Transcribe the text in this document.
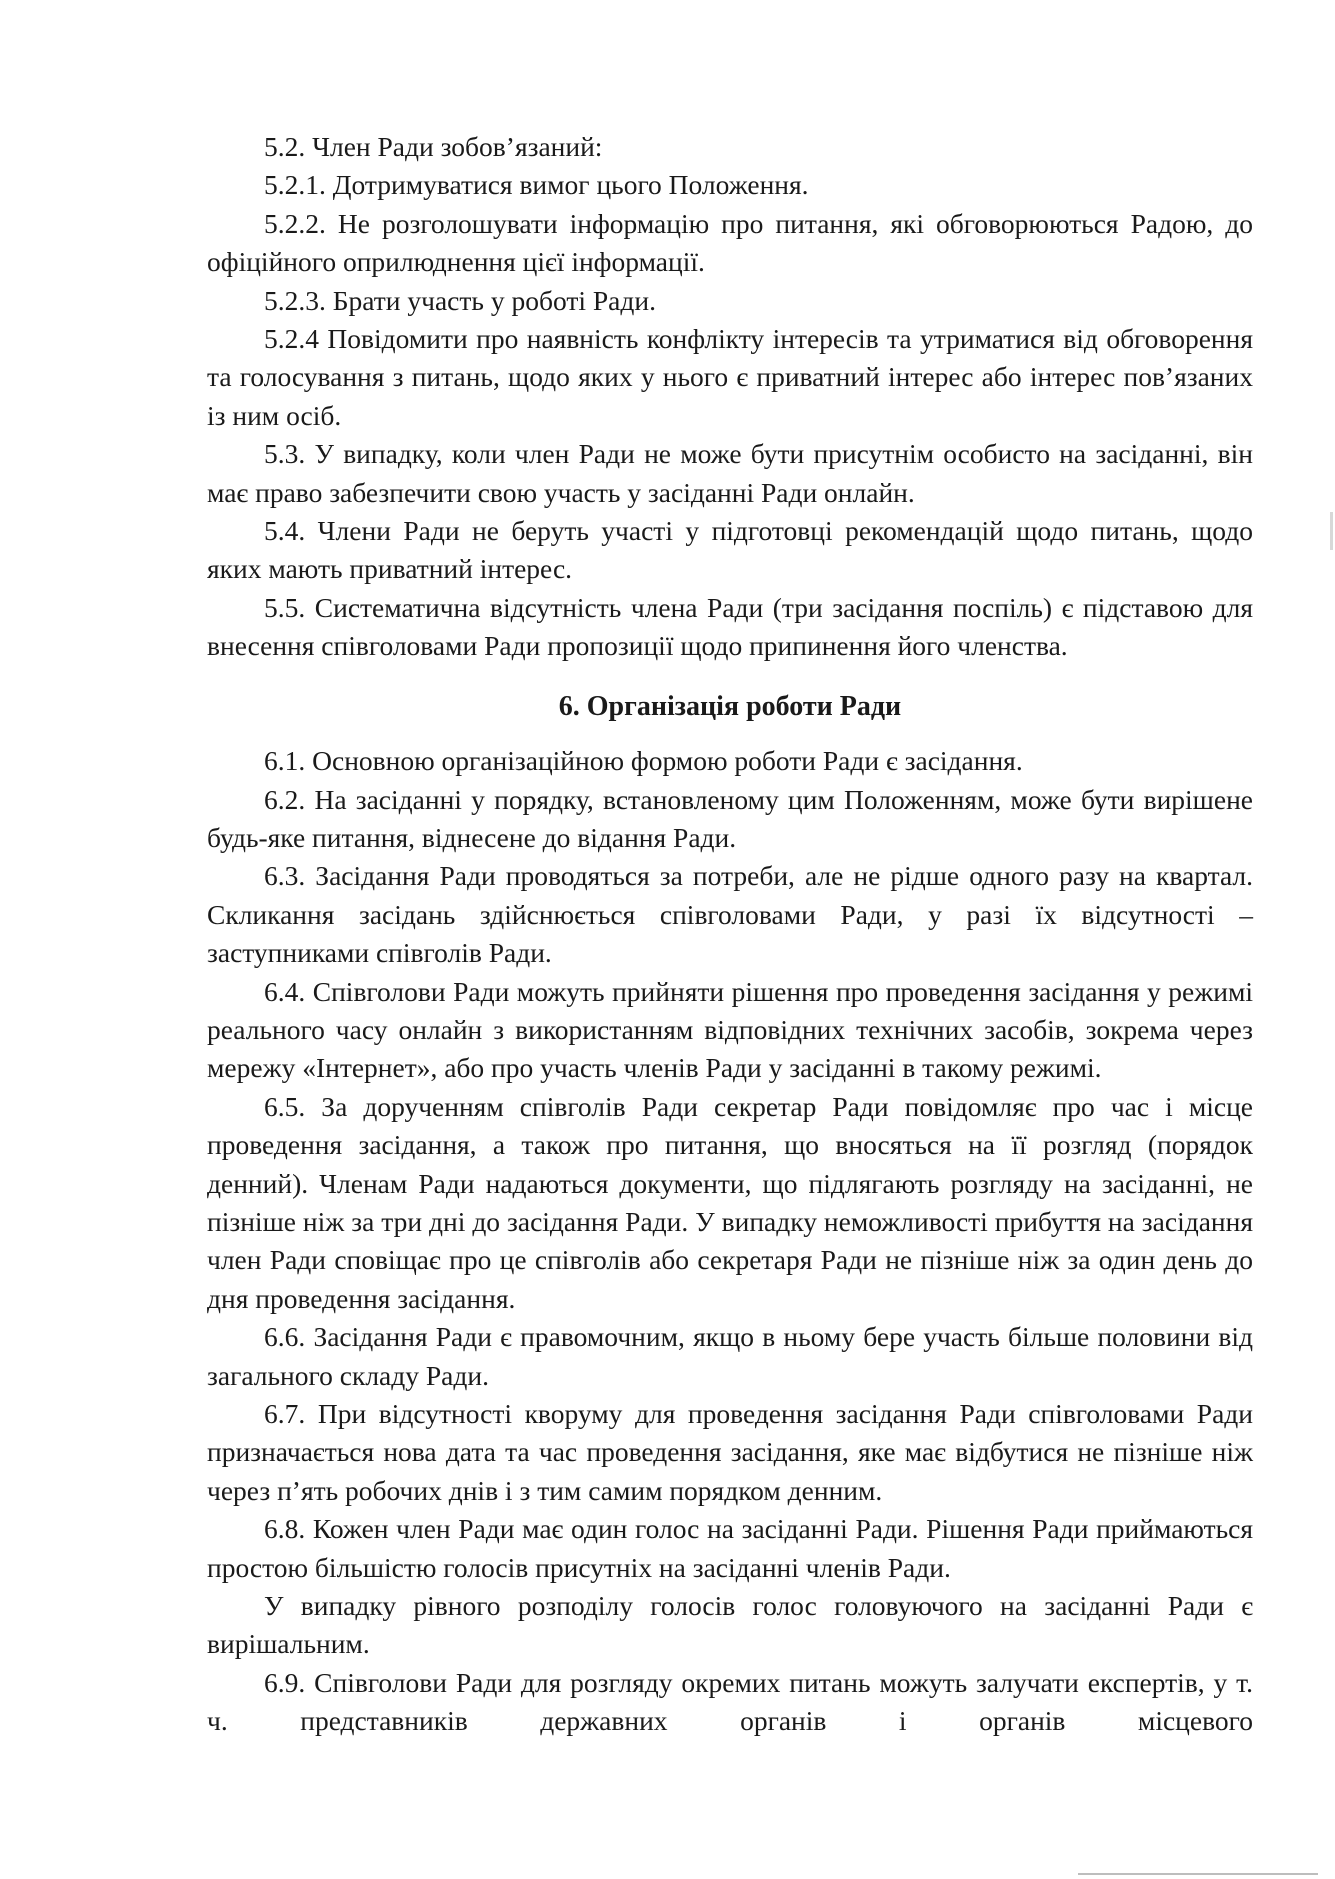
5.2. Член Ради зобов’язаний:

5.2.1. Дотримуватися вимог цього Положення.

5.2.2. Не розголошувати інформацію про питання, які обговорюються Радою, до офіційного оприлюднення цієї інформації.

5.2.3. Брати участь у роботі Ради.

5.2.4 Повідомити про наявність конфлікту інтересів та утриматися від обговорення та голосування з питань, щодо яких у нього є приватний інтерес або інтерес пов’язаних із ним осіб.

5.3. У випадку, коли член Ради не може бути присутнім особисто на засіданні, він має право забезпечити свою участь у засіданні Ради онлайн.

5.4. Члени Ради не беруть участі у підготовці рекомендацій щодо питань, щодо яких мають приватний інтерес.

5.5. Систематична відсутність члена Ради (три засідання поспіль) є підставою для внесення співголовами Ради пропозиції щодо припинення його членства.

6. Організація роботи Ради

6.1. Основною організаційною формою роботи Ради є засідання.

6.2. На засіданні у порядку, встановленому цим Положенням, може бути вирішене будь-яке питання, віднесене до відання Ради.

6.3. Засідання Ради проводяться за потреби, але не рідше одного разу на квартал. Скликання засідань здійснюється співголовами Ради, у разі їх відсутності – заступниками співголів Ради.

6.4. Співголови Ради можуть прийняти рішення про проведення засідання у режимі реального часу онлайн з використанням відповідних технічних засобів, зокрема через мережу «Інтернет», або про участь членів Ради у засіданні в такому режимі.

6.5. За дорученням співголів Ради секретар Ради повідомляє про час і місце проведення засідання, а також про питання, що вносяться на її розгляд (порядок денний). Членам Ради надаються документи, що підлягають розгляду на засіданні, не пізніше ніж за три дні до засідання Ради. У випадку неможливості прибуття на засідання член Ради сповіщає про це співголів або секретаря Ради не пізніше ніж за один день до дня проведення засідання.

6.6. Засідання Ради є правомочним, якщо в ньому бере участь більше половини від загального складу Ради.

6.7. При відсутності кворуму для проведення засідання Ради співголовами Ради призначається нова дата та час проведення засідання, яке має відбутися не пізніше ніж через п’ять робочих днів і з тим самим порядком денним.

6.8. Кожен член Ради має один голос на засіданні Ради. Рішення Ради приймаються простою більшістю голосів присутніх на засіданні членів Ради.

У випадку рівного розподілу голосів голос головуючого на засіданні Ради є вирішальним.

6.9. Співголови Ради для розгляду окремих питань можуть залучати експертів, у т. ч. представників державних органів і органів місцевого
